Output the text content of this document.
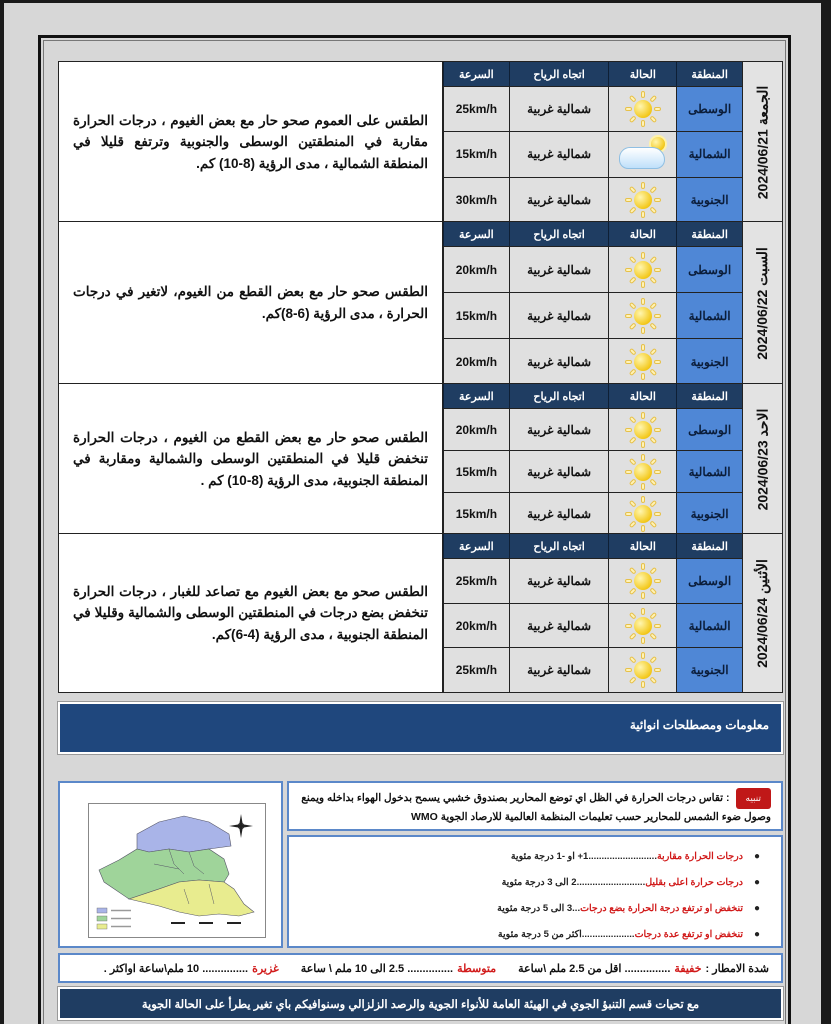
الجمعة 2024/06/21
المنطقة
الحالة
اتجاه الرياح
السرعة
الوسطى
شمالية غربية
25km/h
الشمالية
شمالية غربية
15km/h
الجنوبية
شمالية غربية
30km/h
الطقس على العموم صحو حار مع بعض الغيوم ، درجات الحرارة مقاربة في المنطقتين الوسطى والجنوبية وترتفع قليلا في المنطقة الشمالية ، مدى الرؤية (8-10) كم.
السبت 2024/06/22
المنطقة
الحالة
اتجاه الرياح
السرعة
الوسطى
شمالية غربية
20km/h
الشمالية
شمالية غربية
15km/h
الجنوبية
شمالية غربية
20km/h
الطقس صحو حار مع بعض القطع من الغيوم، لاتغير في درجات الحرارة ، مدى الرؤية (6-8)كم.
الاحد 2024/06/23
المنطقة
الحالة
اتجاه الرياح
السرعة
الوسطى
شمالية غربية
20km/h
الشمالية
شمالية غربية
15km/h
الجنوبية
شمالية غربية
15km/h
الطقس صحو حار مع بعض القطع من الغيوم ، درجات الحرارة تنخفض قليلا في المنطقتين الوسطى والشمالية ومقاربة في المنطقة الجنوبية، مدى الرؤية (8-10) كم .
الأثنين 2024/06/24
المنطقة
الحالة
اتجاه الرياح
السرعة
الوسطى
شمالية غربية
25km/h
الشمالية
شمالية غربية
20km/h
الجنوبية
شمالية غربية
25km/h
الطقس صحو مع بعض الغيوم مع تصاعد للغبار ، درجات الحرارة تنخفض بضع درجات في المنطقتين الوسطى والشمالية وقليلا في المنطقة الجنوبية ، مدى الرؤية (4-6)كم.
معلومات ومصطلحات انوائية
تنبيه: تقاس درجات الحرارة في الظل اي توضع المحارير بصندوق خشبي يسمح بدخول الهواء بداخله ويمنع وصول ضوء الشمس للمحارير حسب تعليمات المنظمة العالمية للارصاد الجوية WMO
●
درجات الحرارة مقاربة
..........................
1+ او -1 درجة مئوية
●
درجات حرارة اعلى بقليل
..........................
2 الى 3 درجة مئوية
●
تنخفض او ترتفع درجة الحرارة بضع درجات
...
3 الى 5 درجة مئوية
●
تنخفض او ترتفع عدة درجات
....................
اكثر من 5 درجة مئوية
شدة الامطار :
خفيفة
............... اقل من 2.5 ملم \ساعة
متوسطة
............... 2.5 الى 10 ملم \ ساعة
غزيرة
............... 10 ملم\ساعة اواكثر .
مع تحيات قسم التنبؤ الجوي في الهيئة العامة للأنواء الجوية والرصد الزلزالي وسنوافيكم باي تغير يطرأ على الحالة الجوية
